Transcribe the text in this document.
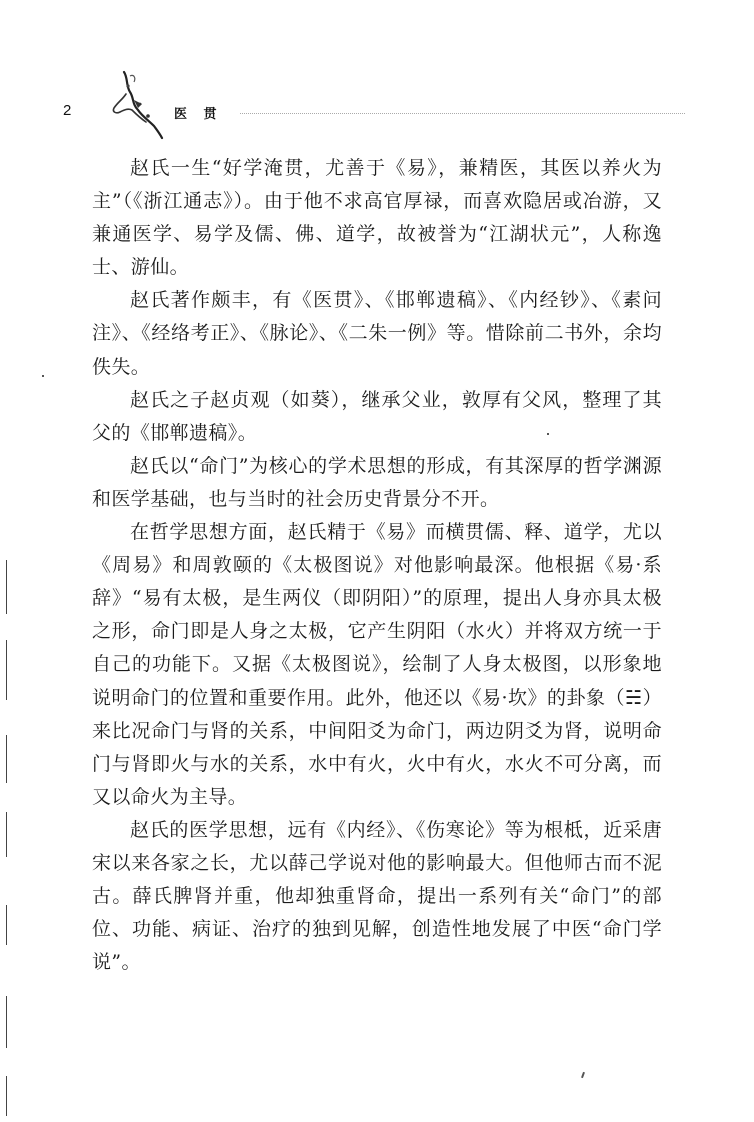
2	医 贯

赵氏一生“好学淹贯，尤善于《易》，兼精医，其医以养火为主”（《浙江通志》）。由于他不求高官厚禄，而喜欢隐居或冶游，又兼通医学、易学及儒、佛、道学，故被誉为“江湖状元”，人称逸士、游仙。

赵氏著作颇丰，有《医贯》、《邯郸遗稿》、《内经钞》、《素问注》、《经络考正》、《脉论》、《二朱一例》等。惜除前二书外，余均佚失。

赵氏之子赵贞观（如葵），继承父业，敦厚有父风，整理了其父的《邯郸遗稿》。

赵氏以“命门”为核心的学术思想的形成，有其深厚的哲学渊源和医学基础，也与当时的社会历史背景分不开。

在哲学思想方面，赵氏精于《易》而横贯儒、释、道学，尤以《周易》和周敦颐的《太极图说》对他影响最深。他根据《易·系辞》“易有太极，是生两仪（即阴阳）”的原理，提出人身亦具太极之形，命门即是人身之太极，它产生阴阳（水火）并将双方统一于自己的功能下。又据《太极图说》，绘制了人身太极图，以形象地说明命门的位置和重要作用。此外，他还以《易·坎》的卦象（☵）来比况命门与肾的关系，中间阳爻为命门，两边阴爻为肾，说明命门与肾即火与水的关系，水中有火，火中有火，水火不可分离，而又以命火为主导。

赵氏的医学思想，远有《内经》、《伤寒论》等为根柢，近采唐宋以来各家之长，尤以薛己学说对他的影响最大。但他师古而不泥古。薛氏脾肾并重，他却独重肾命，提出一系列有关“命门”的部位、功能、病证、治疗的独到见解，创造性地发展了中医“命门学说”。
